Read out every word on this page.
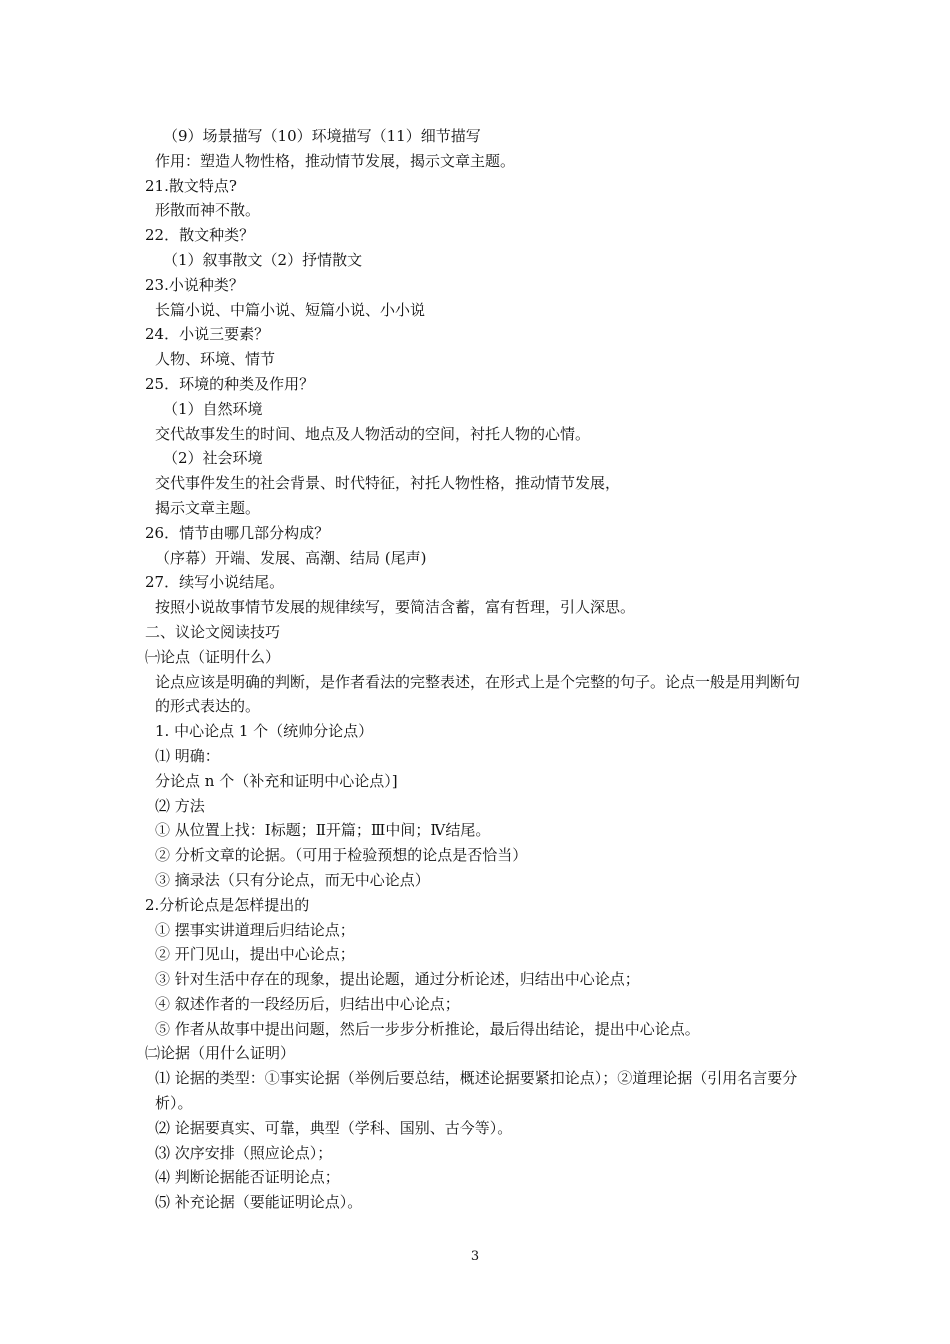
（9）场景描写（10）环境描写（11）细节描写
作用：塑造人物性格，推动情节发展，揭示文章主题。
21.散文特点?
形散而神不散。
22．散文种类？
（1）叙事散文（2）抒情散文
23.小说种类？
长篇小说、中篇小说、短篇小说、小小说
24．小说三要素？
人物、环境、情节
25．环境的种类及作用？
（1）自然环境
交代故事发生的时间、地点及人物活动的空间，衬托人物的心情。
（2）社会环境
交代事件发生的社会背景、时代特征，衬托人物性格，推动情节发展，
揭示文章主题。
26．情节由哪几部分构成？
（序幕）开端、发展、高潮、结局 (尾声)
27．续写小说结尾。
按照小说故事情节发展的规律续写，要简洁含蓄，富有哲理，引人深思。
二、议论文阅读技巧
㈠论点（证明什么）
论点应该是明确的判断，是作者看法的完整表述，在形式上是个完整的句子。论点一般是用判断句的形式表达的。
1. 中心论点 1 个（统帅分论点）
⑴ 明确：
分论点 n 个（补充和证明中心论点）]
⑵ 方法
① 从位置上找：Ⅰ标题；Ⅱ开篇；Ⅲ中间；Ⅳ结尾。
② 分析文章的论据。（可用于检验预想的论点是否恰当）
③ 摘录法（只有分论点，而无中心论点）
2.分析论点是怎样提出的
① 摆事实讲道理后归结论点；
② 开门见山，提出中心论点；
③ 针对生活中存在的现象，提出论题，通过分析论述，归结出中心论点；
④ 叙述作者的一段经历后，归结出中心论点；
⑤ 作者从故事中提出问题，然后一步步分析推论，最后得出结论，提出中心论点。
㈡论据（用什么证明）
⑴ 论据的类型：①事实论据（举例后要总结，概述论据要紧扣论点）；②道理论据（引用名言要分析）。
⑵ 论据要真实、可靠，典型（学科、国别、古今等）。
⑶ 次序安排（照应论点）；
⑷ 判断论据能否证明论点；
⑸ 补充论据（要能证明论点）。
3
